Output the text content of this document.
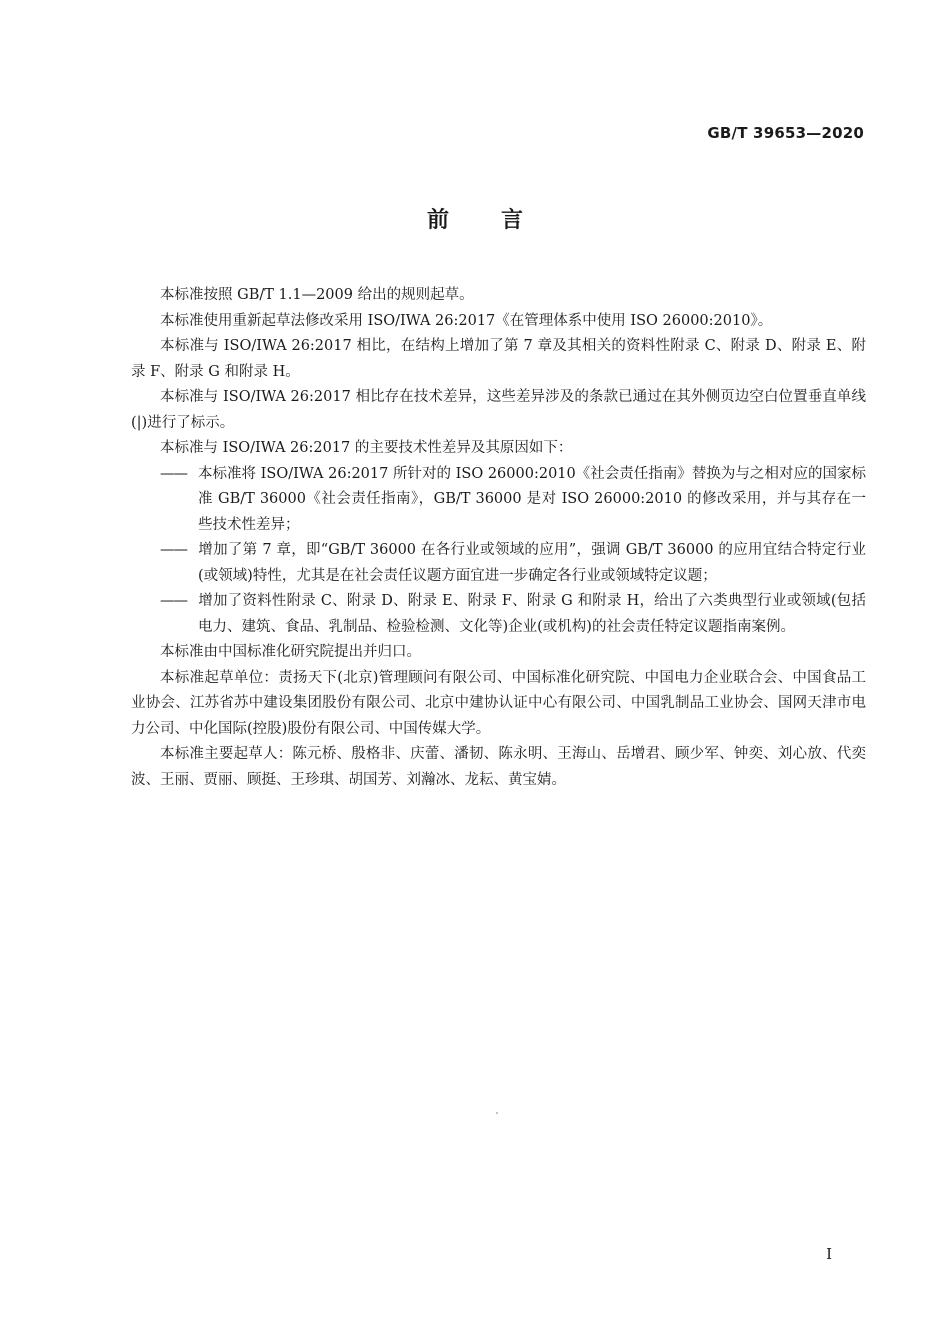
GB/T 39653—2020
前言

本标准按照 GB/T 1.1—2009 给出的规则起草。

本标准使用重新起草法修改采用 ISO/IWA 26:2017《在管理体系中使用 ISO 26000:2010》。

本标准与 ISO/IWA 26:2017 相比，在结构上增加了第 7 章及其相关的资料性附录 C、附录 D、附录 E、附录 F、附录 G 和附录 H。

本标准与 ISO/IWA 26:2017 相比存在技术差异，这些差异涉及的条款已通过在其外侧页边空白位置垂直单线(|)进行了标示。

本标准与 ISO/IWA 26:2017 的主要技术性差异及其原因如下：

—— 本标准将 ISO/IWA 26:2017 所针对的 ISO 26000:2010《社会责任指南》替换为与之相对应的国家标准 GB/T 36000《社会责任指南》，GB/T 36000 是对 ISO 26000:2010 的修改采用，并与其存在一些技术性差异；

—— 增加了第 7 章，即“GB/T 36000 在各行业或领域的应用”，强调 GB/T 36000 的应用宜结合特定行业(或领域)特性，尤其是在社会责任议题方面宜进一步确定各行业或领域特定议题；

—— 增加了资料性附录 C、附录 D、附录 E、附录 F、附录 G 和附录 H，给出了六类典型行业或领域(包括电力、建筑、食品、乳制品、检验检测、文化等)企业(或机构)的社会责任特定议题指南案例。

本标准由中国标准化研究院提出并归口。

本标准起草单位：责扬天下(北京)管理顾问有限公司、中国标准化研究院、中国电力企业联合会、中国食品工业协会、江苏省苏中建设集团股份有限公司、北京中建协认证中心有限公司、中国乳制品工业协会、国网天津市电力公司、中化国际(控股)股份有限公司、中国传媒大学。

本标准主要起草人：陈元桥、殷格非、庆蕾、潘韧、陈永明、王海山、岳增君、顾少军、钟奕、刘心放、代奕波、王丽、贾丽、顾挺、王珍琪、胡国芳、刘瀚冰、龙耘、黄宝婧。

I
